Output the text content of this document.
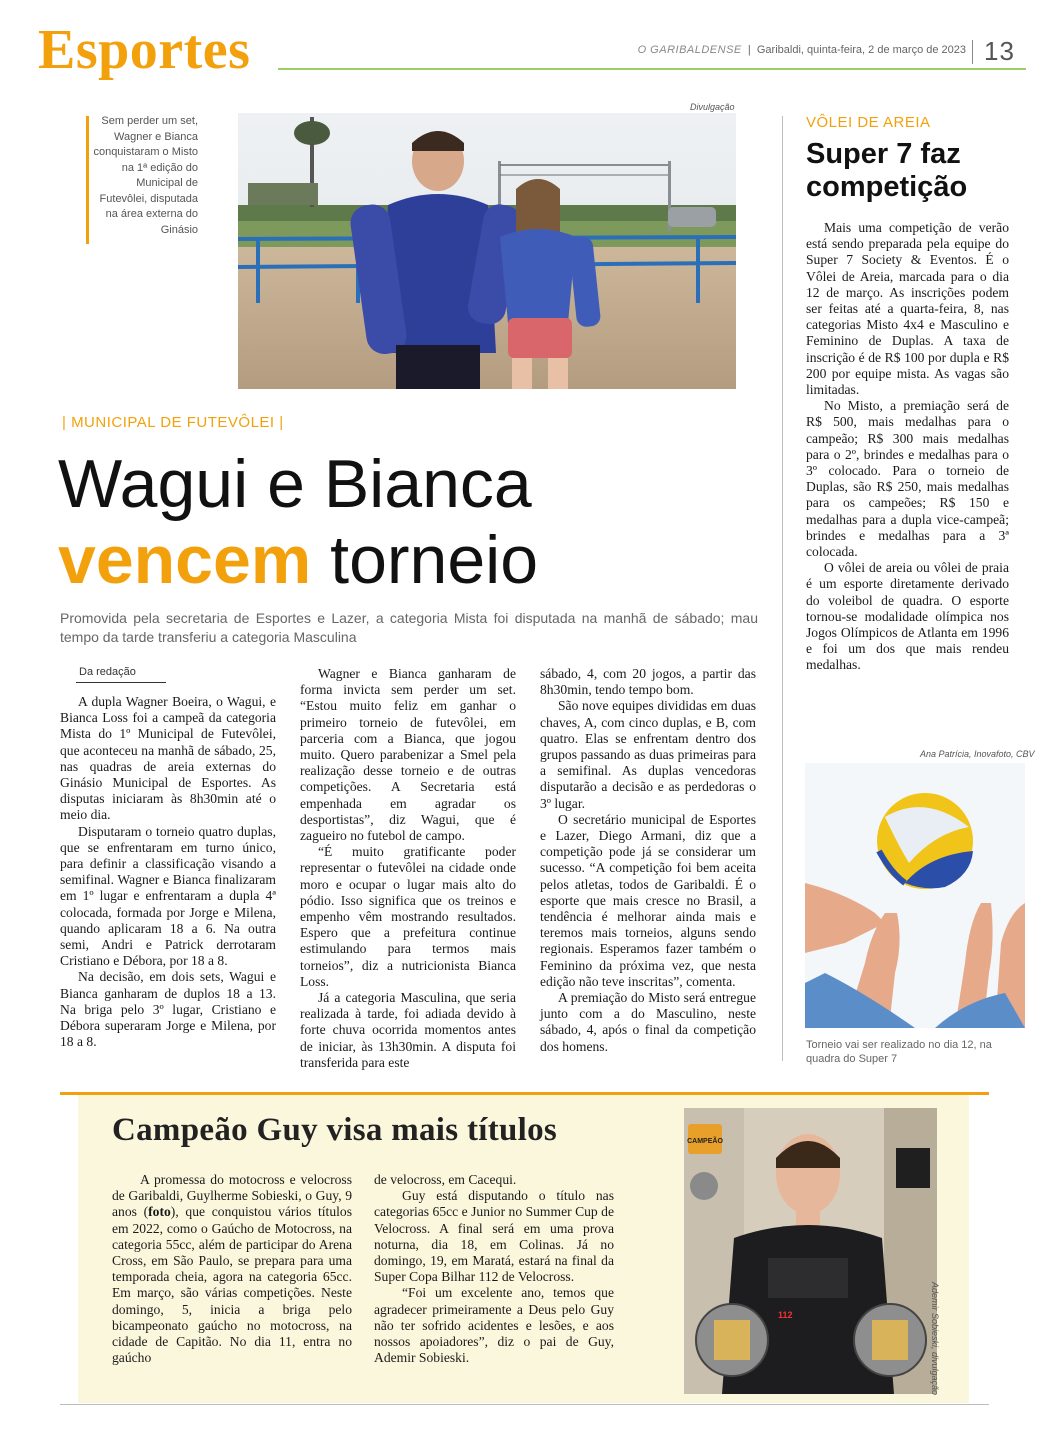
Esportes	O GARIBALDENSE | Garibaldi, quinta-feira, 2 de março de 2023 13
Sem perder um set, Wagner e Bianca conquistaram o Misto na 1ª edição do Municipal de Futevôlei, disputada na área externa do Ginásio
Divulgação
| MUNICIPAL DE FUTEVÔLEI |
Wagui e Bianca
vencem torneio
Promovida pela secretaria de Esportes e Lazer, a categoria Mista foi disputada na manhã de sábado; mau tempo da tarde transferiu a categoria Masculina
Da redação

A dupla Wagner Boeira, o Wagui, e Bianca Loss foi a campeã da categoria Mista do 1º Municipal de Futevôlei, que aconteceu na manhã de sábado, 25, nas quadras de areia externas do Ginásio Municipal de Esportes. As disputas iniciaram às 8h30min até o meio dia.

Disputaram o torneio quatro duplas, que se enfrentaram em turno único, para definir a classificação visando a semifinal. Wagner e Bianca finalizaram em 1º lugar e enfrentaram a dupla 4ª colocada, formada por Jorge e Milena, quando aplicaram 18 a 6. Na outra semi, Andri e Patrick derrotaram Cristiano e Débora, por 18 a 8.

Na decisão, em dois sets, Wagui e Bianca ganharam de duplos 18 a 13. Na briga pelo 3º lugar, Cristiano e Débora superaram Jorge e Milena, por 18 a 8.

Wagner e Bianca ganharam de forma invicta sem perder um set. “Estou muito feliz em ganhar o primeiro torneio de futevôlei, em parceria com a Bianca, que jogou muito. Quero parabenizar a Smel pela realização desse torneio e de outras competições. A Secretaria está empenhada em agradar os desportistas”, diz Wagui, que é zagueiro no futebol de campo.

“É muito gratificante poder representar o futevôlei na cidade onde moro e ocupar o lugar mais alto do pódio. Isso significa que os treinos e empenho vêm mostrando resultados. Espero que a prefeitura continue estimulando para termos mais torneios”, diz a nutricionista Bianca Loss.

Já a categoria Masculina, que seria realizada à tarde, foi adiada devido à forte chuva ocorrida momentos antes de iniciar, às 13h30min. A disputa foi transferida para este

sábado, 4, com 20 jogos, a partir das 8h30min, tendo tempo bom.

São nove equipes divididas em duas chaves, A, com cinco duplas, e B, com quatro. Elas se enfrentam dentro dos grupos passando as duas primeiras para a semifinal. As duplas vencedoras disputarão a decisão e as perdedoras o 3º lugar.

O secretário municipal de Esportes e Lazer, Diego Armani, diz que a competição pode já se considerar um sucesso. “A competição foi bem aceita pelos atletas, todos de Garibaldi. É o esporte que mais cresce no Brasil, a tendência é melhorar ainda mais e teremos mais torneios, alguns sendo regionais. Esperamos fazer também o Feminino da próxima vez, que nesta edição não teve inscritas”, comenta.

A premiação do Misto será entregue junto com a do Masculino, neste sábado, 4, após o final da competição dos homens.

VÔLEI DE AREIA
Super 7 faz competição

Mais uma competição de verão está sendo preparada pela equipe do Super 7 Society & Eventos. É o Vôlei de Areia, marcada para o dia 12 de março. As inscrições podem ser feitas até a quarta-feira, 8, nas categorias Misto 4x4 e Masculino e Feminino de Duplas. A taxa de inscrição é de R$ 100 por dupla e R$ 200 por equipe mista. As vagas são limitadas.

No Misto, a premiação será de R$ 500, mais medalhas para o campeão; R$ 300 mais medalhas para o 2º, brindes e medalhas para o 3º colocado. Para o torneio de Duplas, são R$ 250, mais medalhas para os campeões; R$ 150 e medalhas para a dupla vice-campeã; brindes e medalhas para a 3ª colocada.

O vôlei de areia ou vôlei de praia é um esporte diretamente derivado do voleibol de quadra. O esporte tornou-se modalidade olímpica nos Jogos Olímpicos de Atlanta em 1996 e foi um dos que mais rendeu medalhas.

Ana Patrícia, Inovafoto, CBV
Torneio vai ser realizado no dia 12, na quadra do Super 7
Campeão Guy visa mais títulos

A promessa do motocross e velocross de Garibaldi, Guylherme Sobieski, o Guy, 9 anos (foto), que conquistou vários títulos em 2022, como o Gaúcho de Motocross, na categoria 55cc, além de participar do Arena Cross, em São Paulo, se prepara para uma temporada cheia, agora na categoria 65cc. Em março, são várias competições. Neste domingo, 5, inicia a briga pelo bicampeonato gaúcho no motocross, na cidade de Capitão. No dia 11, entra no gaúcho

de velocross, em Cacequi.

Guy está disputando o título nas categorias 65cc e Junior no Summer Cup de Velocross. A final será em uma prova noturna, dia 18, em Colinas. Já no domingo, 19, em Maratá, estará na final da Super Copa Bilhar 112 de Velocross.

“Foi um excelente ano, temos que agradecer primeiramente a Deus pelo Guy não ter sofrido acidentes e lesões, e aos nossos apoiadores”, diz o pai de Guy, Ademir Sobieski.

CAMPEÃO
112	Ademir Sobieski, divulgação
